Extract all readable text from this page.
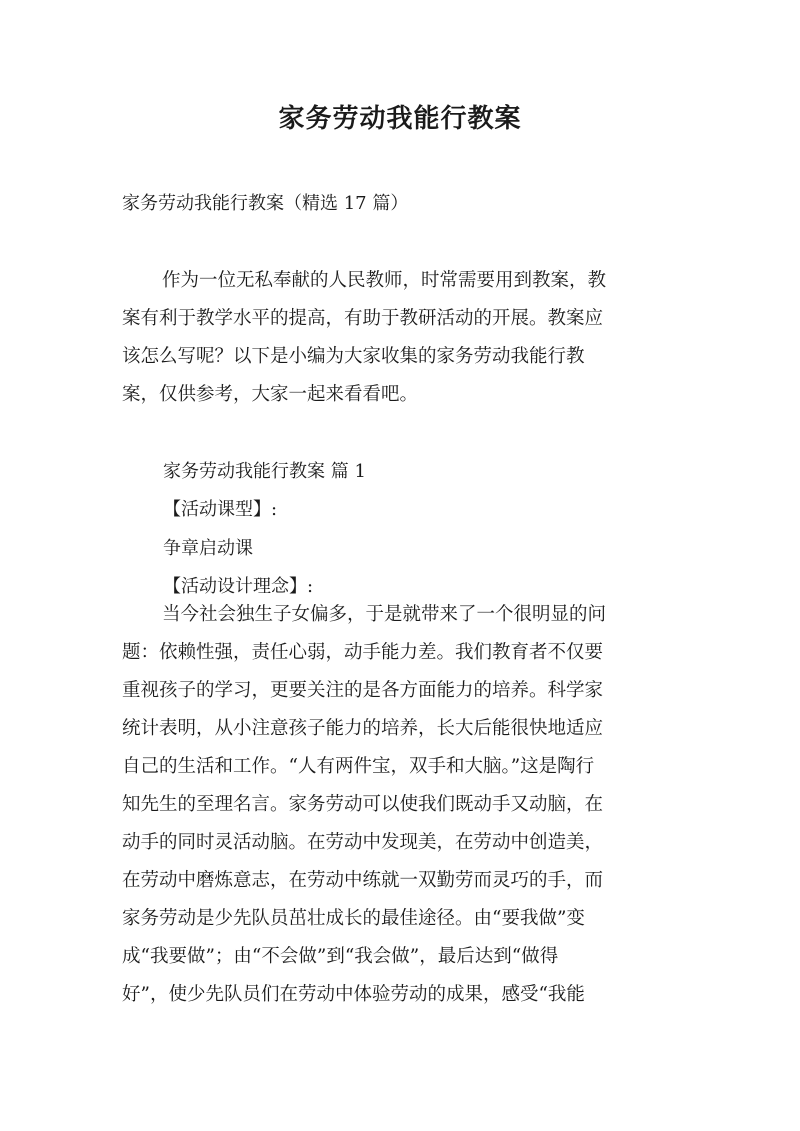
家务劳动我能行教案

家务劳动我能行教案（精选 17 篇）

作为一位无私奉献的人民教师，时常需要用到教案，教
案有利于教学水平的提高，有助于教研活动的开展。教案应
该怎么写呢？以下是小编为大家收集的家务劳动我能行教
案，仅供参考，大家一起来看看吧。

家务劳动我能行教案 篇 1

【活动课型】:

争章启动课

【活动设计理念】:

当今社会独生子女偏多，于是就带来了一个很明显的问
题：依赖性强，责任心弱，动手能力差。我们教育者不仅要
重视孩子的学习，更要关注的是各方面能力的培养。科学家
统计表明，从小注意孩子能力的培养，长大后能很快地适应
自己的生活和工作。“人有两件宝，双手和大脑。”这是陶行
知先生的至理名言。家务劳动可以使我们既动手又动脑，在
动手的同时灵活动脑。在劳动中发现美，在劳动中创造美，
在劳动中磨炼意志，在劳动中练就一双勤劳而灵巧的手，而
家务劳动是少先队员茁壮成长的最佳途径。由“要我做”变
成“我要做”；由“不会做”到“我会做”，最后达到“做得
好”，使少先队员们在劳动中体验劳动的成果，感受“我能
